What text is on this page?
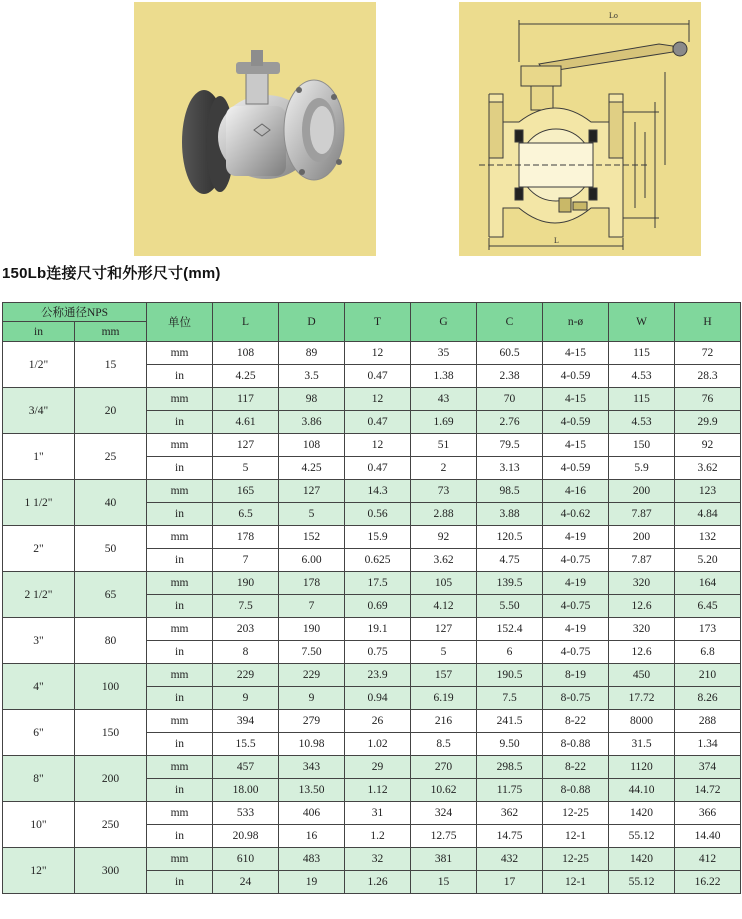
Lo
L
150Lb连接尺寸和外形尺寸(mm)
公称通径NPS		单位	L	D	T	G	C	n-ø	W	H
in	mm									
1/2"	15	mm	108	89	12	35	60.5	4-15	115	72
		in	4.25	3.5	0.47	1.38	2.38	4-0.59	4.53	28.3
3/4"	20	mm	117	98	12	43	70	4-15	115	76
		in	4.61	3.86	0.47	1.69	2.76	4-0.59	4.53	29.9
1"	25	mm	127	108	12	51	79.5	4-15	150	92
		in	5	4.25	0.47	2	3.13	4-0.59	5.9	3.62
1 1/2"	40	mm	165	127	14.3	73	98.5	4-16	200	123
		in	6.5	5	0.56	2.88	3.88	4-0.62	7.87	4.84
2"	50	mm	178	152	15.9	92	120.5	4-19	200	132
		in	7	6.00	0.625	3.62	4.75	4-0.75	7.87	5.20
2 1/2"	65	mm	190	178	17.5	105	139.5	4-19	320	164
		in	7.5	7	0.69	4.12	5.50	4-0.75	12.6	6.45
3"	80	mm	203	190	19.1	127	152.4	4-19	320	173
		in	8	7.50	0.75	5	6	4-0.75	12.6	6.8
4"	100	mm	229	229	23.9	157	190.5	8-19	450	210
		in	9	9	0.94	6.19	7.5	8-0.75	17.72	8.26
6"	150	mm	394	279	26	216	241.5	8-22	8000	288
		in	15.5	10.98	1.02	8.5	9.50	8-0.88	31.5	1.34
8"	200	mm	457	343	29	270	298.5	8-22	1120	374
		in	18.00	13.50	1.12	10.62	11.75	8-0.88	44.10	14.72
10"	250	mm	533	406	31	324	362	12-25	1420	366
		in	20.98	16	1.2	12.75	14.75	12-1	55.12	14.40
12"	300	mm	610	483	32	381	432	12-25	1420	412
		in	24	19	1.26	15	17	12-1	55.12	16.22
